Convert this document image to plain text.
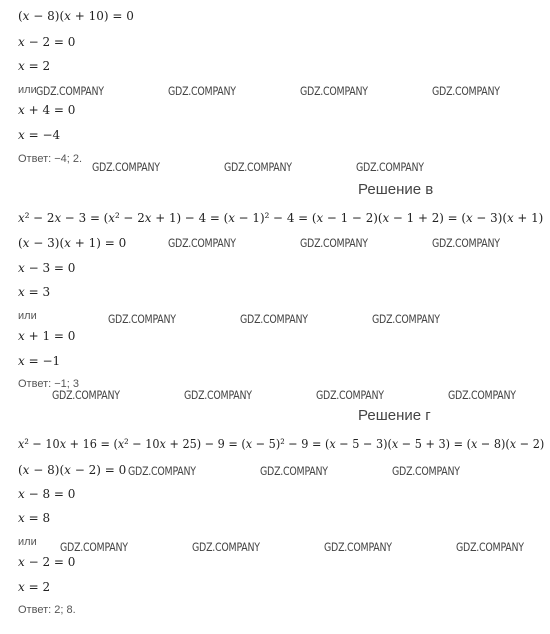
(𝑥 − 8)(𝑥 + 10) = 0
𝑥 − 2 = 0
𝑥 = 2
или
𝑥 + 4 = 0
𝑥 = −4
Ответ: −4; 2.
Решение в
𝑥² − 2𝑥 − 3 = (𝑥² − 2𝑥 + 1) − 4 = (𝑥 − 1)² − 4 = (𝑥 − 1 − 2)(𝑥 − 1 + 2) = (𝑥 − 3)(𝑥 + 1)
(𝑥 − 3)(𝑥 + 1) = 0
𝑥 − 3 = 0
𝑥 = 3
или
𝑥 + 1 = 0
𝑥 = −1
Ответ: −1; 3
Решение г
𝑥² − 10𝑥 + 16 = (𝑥² − 10𝑥 + 25) − 9 = (𝑥 − 5)² − 9 = (𝑥 − 5 − 3)(𝑥 − 5 + 3) = (𝑥 − 8)(𝑥 − 2)
(𝑥 − 8)(𝑥 − 2) = 0
𝑥 − 8 = 0
𝑥 = 8
или
𝑥 − 2 = 0
𝑥 = 2
Ответ: 2; 8.
GDZ.COMPANY	GDZ.COMPANY	GDZ.COMPANY	GDZ.COMPANY
GDZ.COMPANY	GDZ.COMPANY	GDZ.COMPANY
GDZ.COMPANY	GDZ.COMPANY	GDZ.COMPANY
GDZ.COMPANY	GDZ.COMPANY	GDZ.COMPANY
GDZ.COMPANY	GDZ.COMPANY	GDZ.COMPANY	GDZ.COMPANY
GDZ.COMPANY	GDZ.COMPANY	GDZ.COMPANY
GDZ.COMPANY	GDZ.COMPANY	GDZ.COMPANY	GDZ.COMPANY
